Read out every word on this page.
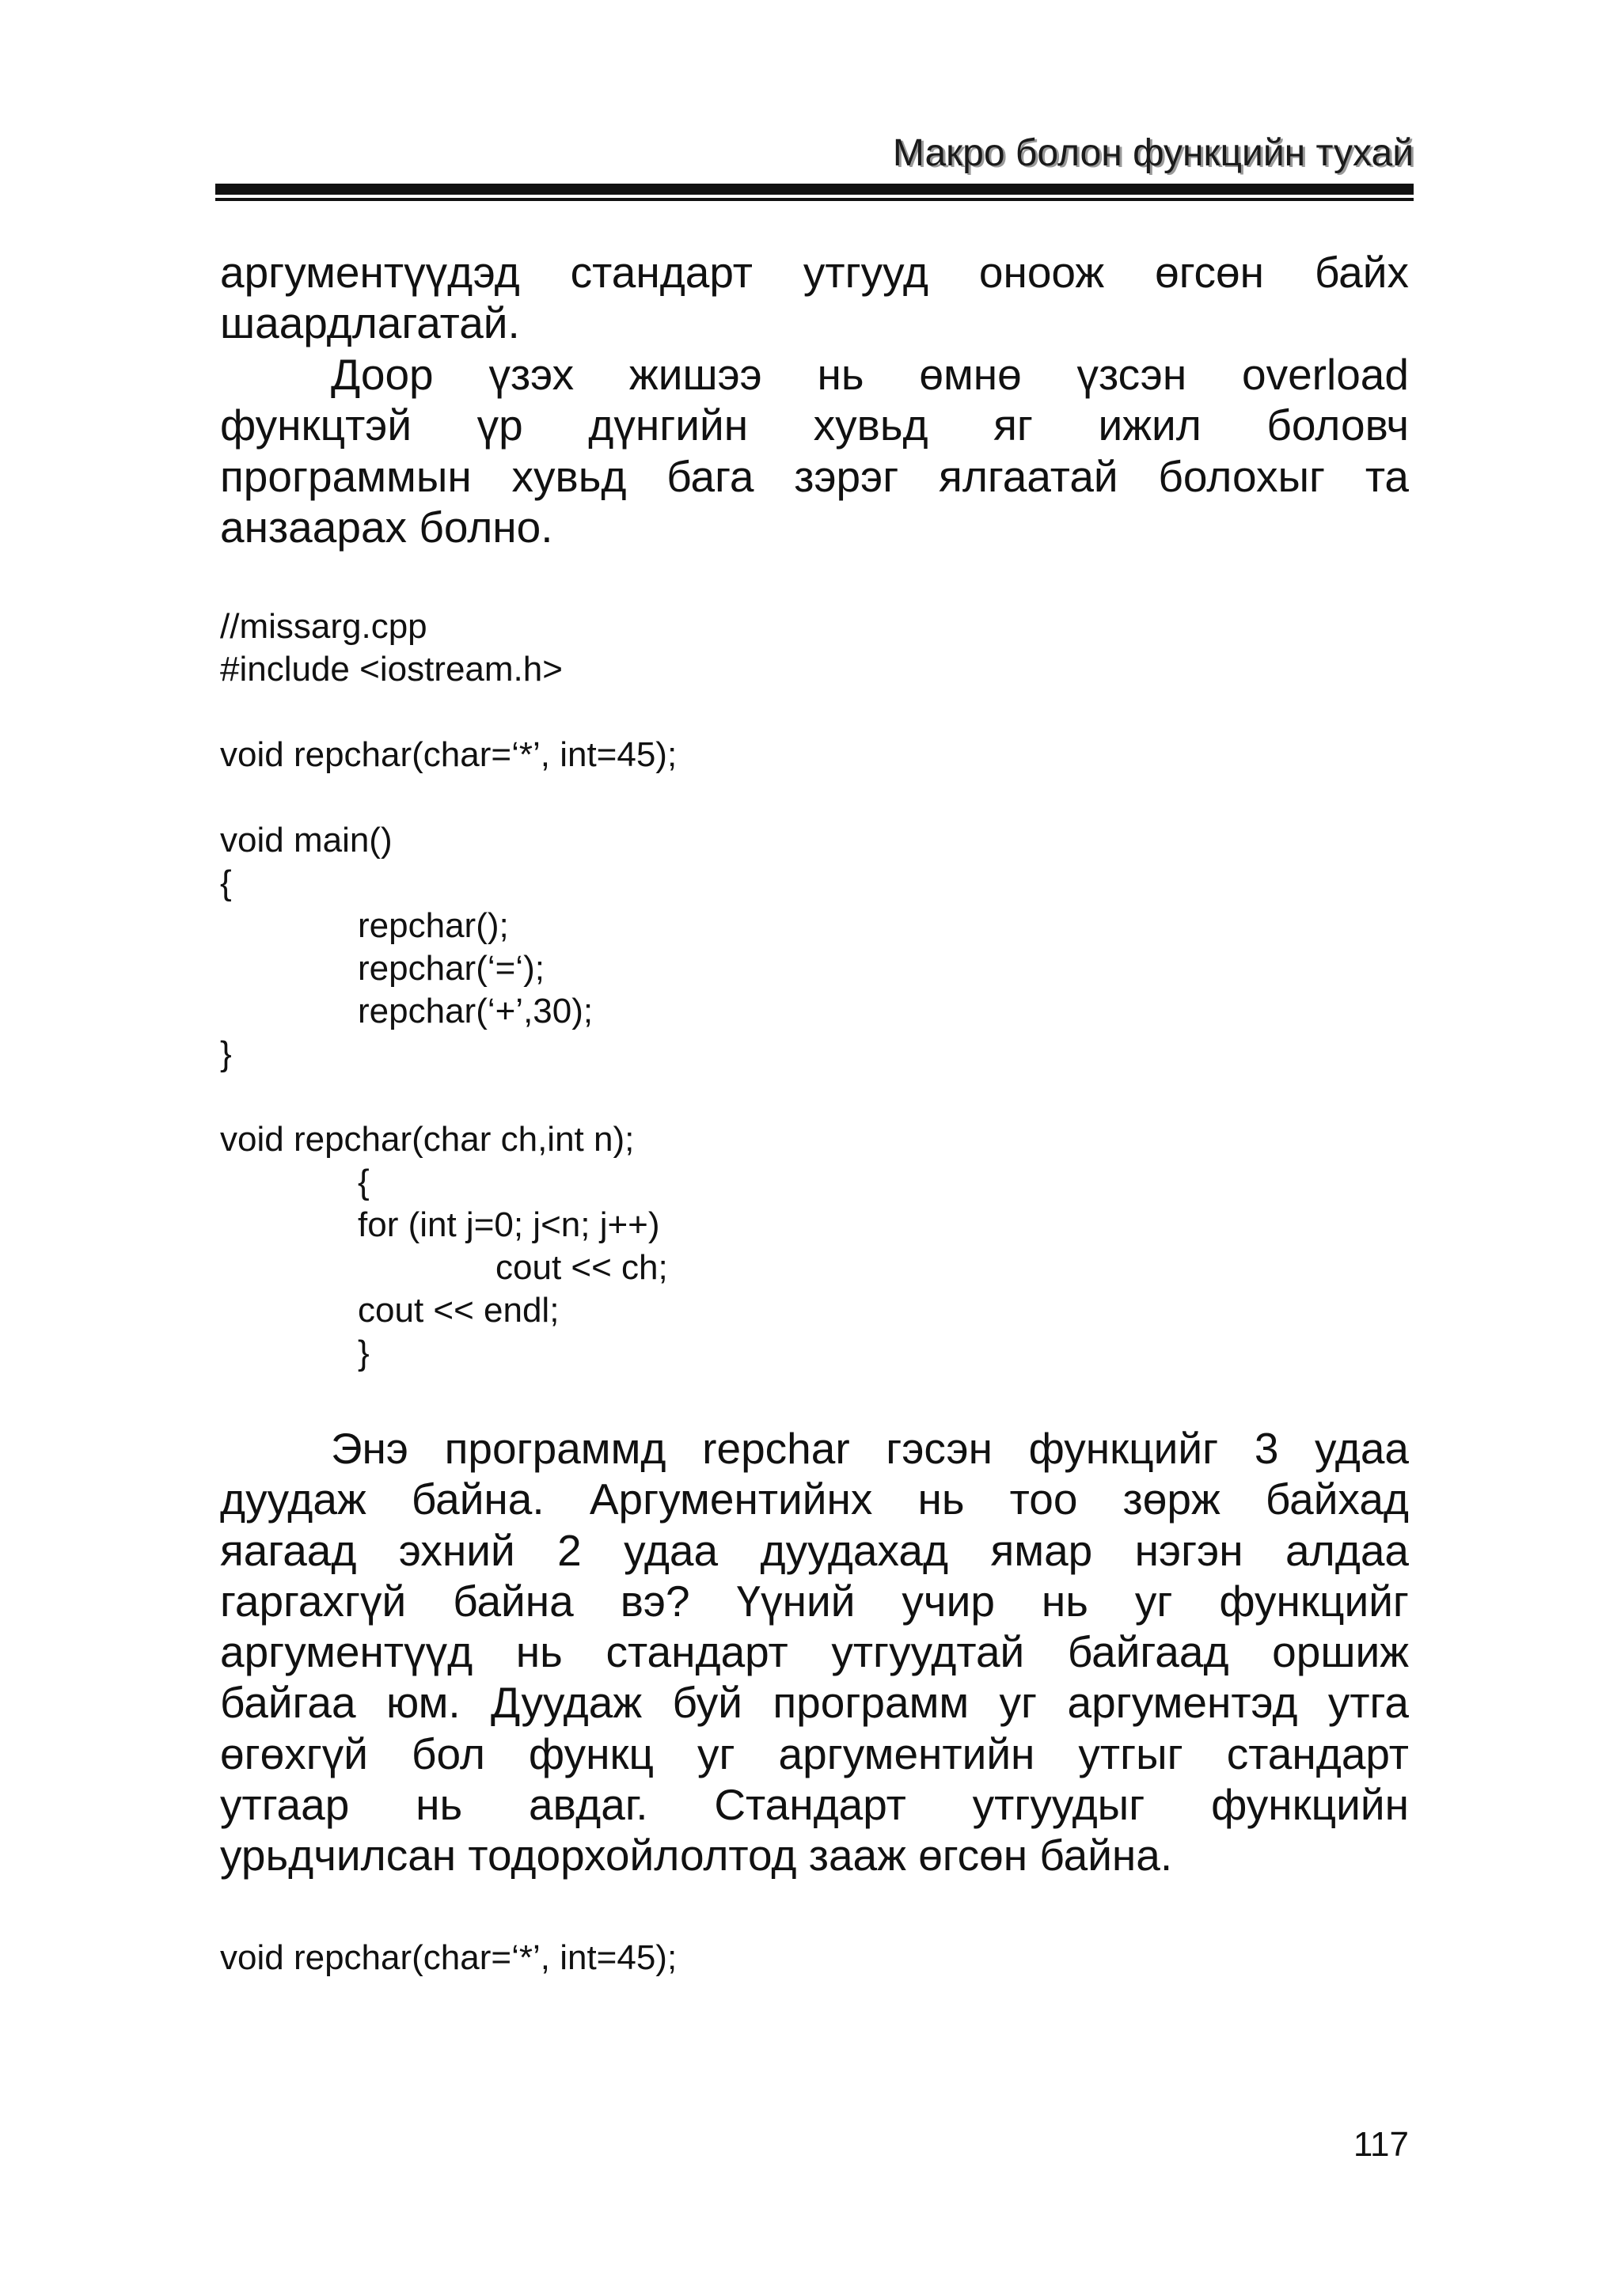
Макро болон функцийн тухай
аргументүүдэд стандарт утгууд оноож өгсөн байх
шаардлагатай.
Доор үзэх жишээ нь өмнө үзсэн overload
функцтэй үр дүнгийн хувьд яг ижил боловч
программын хувьд бага зэрэг ялгаатай болохыг та
анзаарах болно.
//missarg.cpp
#include <iostream.h>
void repchar(char=‘*’, int=45);
void main()
{
repchar();
repchar(‘=‘);
repchar(‘+’,30);
}
void repchar(char ch,int n);
{
for (int j=0; j<n; j++)
cout << ch;
cout << endl;
}
Энэ программд repchar гэсэн функцийг 3 удаа
дуудаж байна. Аргументийнх нь тоо зөрж байхад
яагаад эхний 2 удаа дуудахад ямар нэгэн алдаа
гаргахгүй байна вэ? Үүний учир нь уг функцийг
аргументүүд нь стандарт утгуудтай байгаад оршиж
байгаа юм. Дуудаж буй программ уг аргументэд утга
өгөхгүй бол функц уг аргументийн утгыг стандарт
утгаар нь авдаг. Стандарт утгуудыг функцийн
урьдчилсан тодорхойлолтод зааж өгсөн байна.
void repchar(char=‘*’, int=45);
117
